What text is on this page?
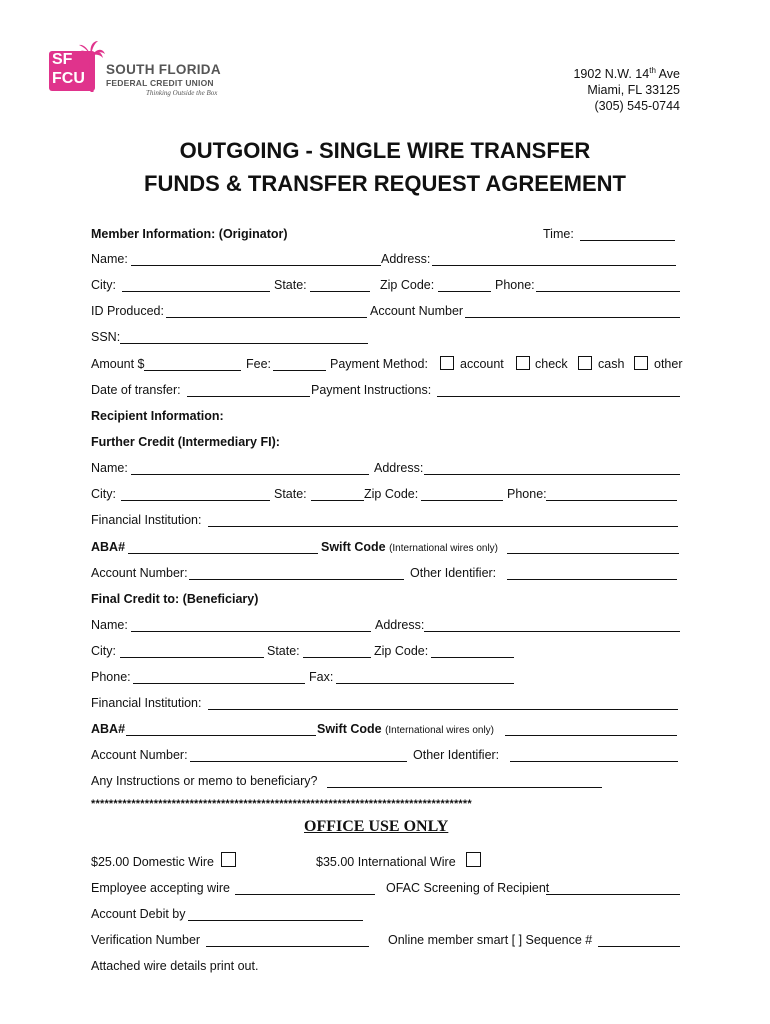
SF
FCU
SOUTH FLORIDA
FEDERAL CREDIT UNION
Thinking Outside the Box
1902 N.W. 14th Ave
Miami, FL 33125
(305) 545-0744
OUTGOING - SINGLE WIRE TRANSFER
FUNDS & TRANSFER REQUEST AGREEMENT
Member Information: (Originator)	Time:
Name:	Address:
City:	State:	Zip Code:	Phone:
ID Produced:	Account Number
SSN:
Amount $	Fee:	Payment Method:	account check cash other
Date of transfer:	Payment Instructions:
Recipient Information:
Further Credit (Intermediary FI):
Name:	Address:
City:	State:	Zip Code:	Phone:
Financial Institution:
ABA#	Swift Code (International wires only)
Account Number:	Other Identifier:
Final Credit to: (Beneficiary)
Name:	Address:
City:	State:	Zip Code:
Phone:	Fax:
Financial Institution:
ABA#	Swift Code (International wires only)
Account Number:	Other Identifier:
Any Instructions or memo to beneficiary?
*************************************************************************************
OFFICE USE ONLY
$25.00 Domestic Wire	$35.00 International Wire
Employee accepting wire	OFAC Screening of Recipient
Account Debit by
Verification Number	Online member smart [ ] Sequence #
Attached wire details print out.
